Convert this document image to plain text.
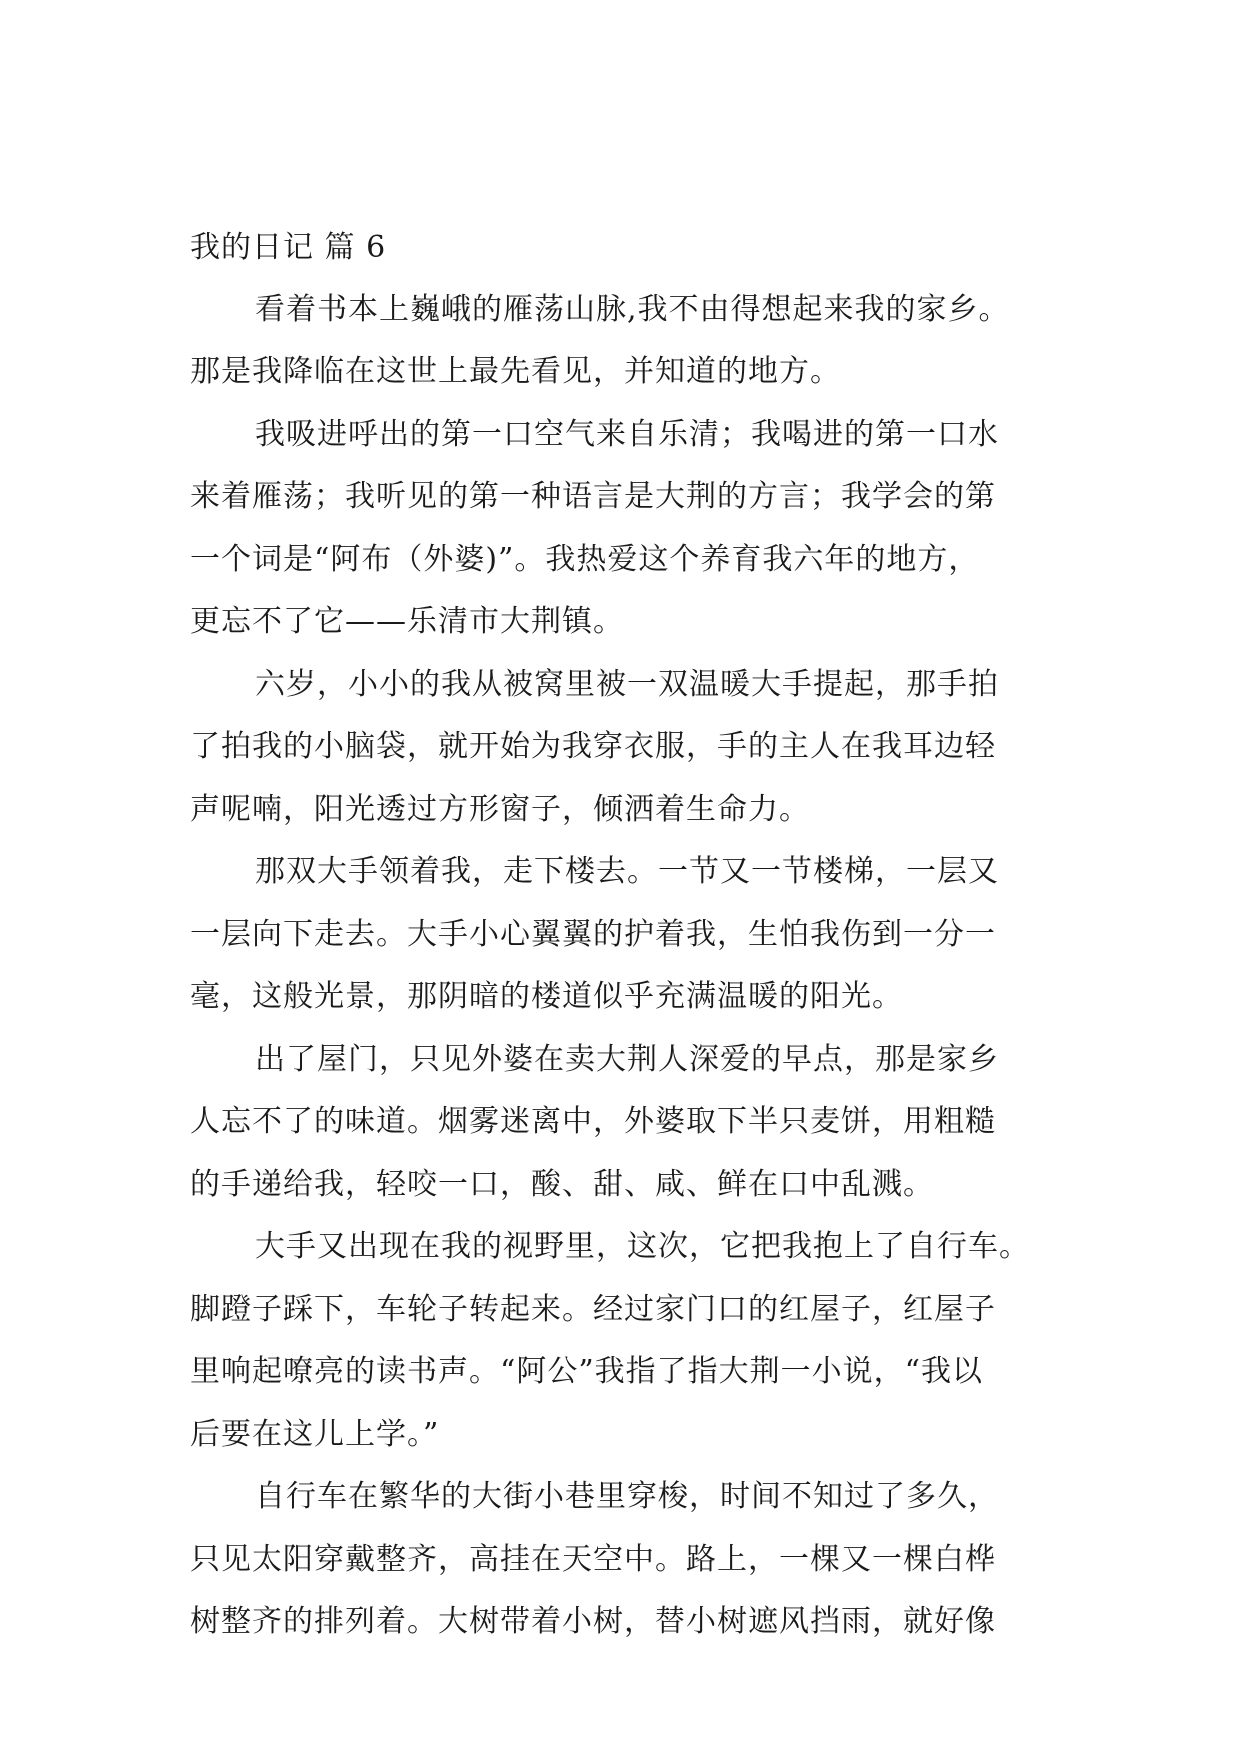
我的日记 篇 6
看着书本上巍峨的雁荡山脉,我不由得想起来我的家乡。
那是我降临在这世上最先看见，并知道的地方。
我吸进呼出的第一口空气来自乐清；我喝进的第一口水
来着雁荡；我听见的第一种语言是大荆的方言；我学会的第
一个词是“阿布（外婆)”。我热爱这个养育我六年的地方，
更忘不了它——乐清市大荆镇。
六岁，小小的我从被窝里被一双温暖大手提起，那手拍
了拍我的小脑袋，就开始为我穿衣服，手的主人在我耳边轻
声呢喃，阳光透过方形窗子，倾洒着生命力。
那双大手领着我，走下楼去。一节又一节楼梯，一层又
一层向下走去。大手小心翼翼的护着我，生怕我伤到一分一
毫，这般光景，那阴暗的楼道似乎充满温暖的阳光。
出了屋门，只见外婆在卖大荆人深爱的早点，那是家乡
人忘不了的味道。烟雾迷离中，外婆取下半只麦饼，用粗糙
的手递给我，轻咬一口，酸、甜、咸、鲜在口中乱溅。
大手又出现在我的视野里，这次，它把我抱上了自行车。
脚蹬子踩下，车轮子转起来。经过家门口的红屋子，红屋子
里响起嘹亮的读书声。“阿公”我指了指大荆一小说，“我以
后要在这儿上学。”
自行车在繁华的大街小巷里穿梭，时间不知过了多久，
只见太阳穿戴整齐，高挂在天空中。路上，一棵又一棵白桦
树整齐的排列着。大树带着小树，替小树遮风挡雨，就好像
